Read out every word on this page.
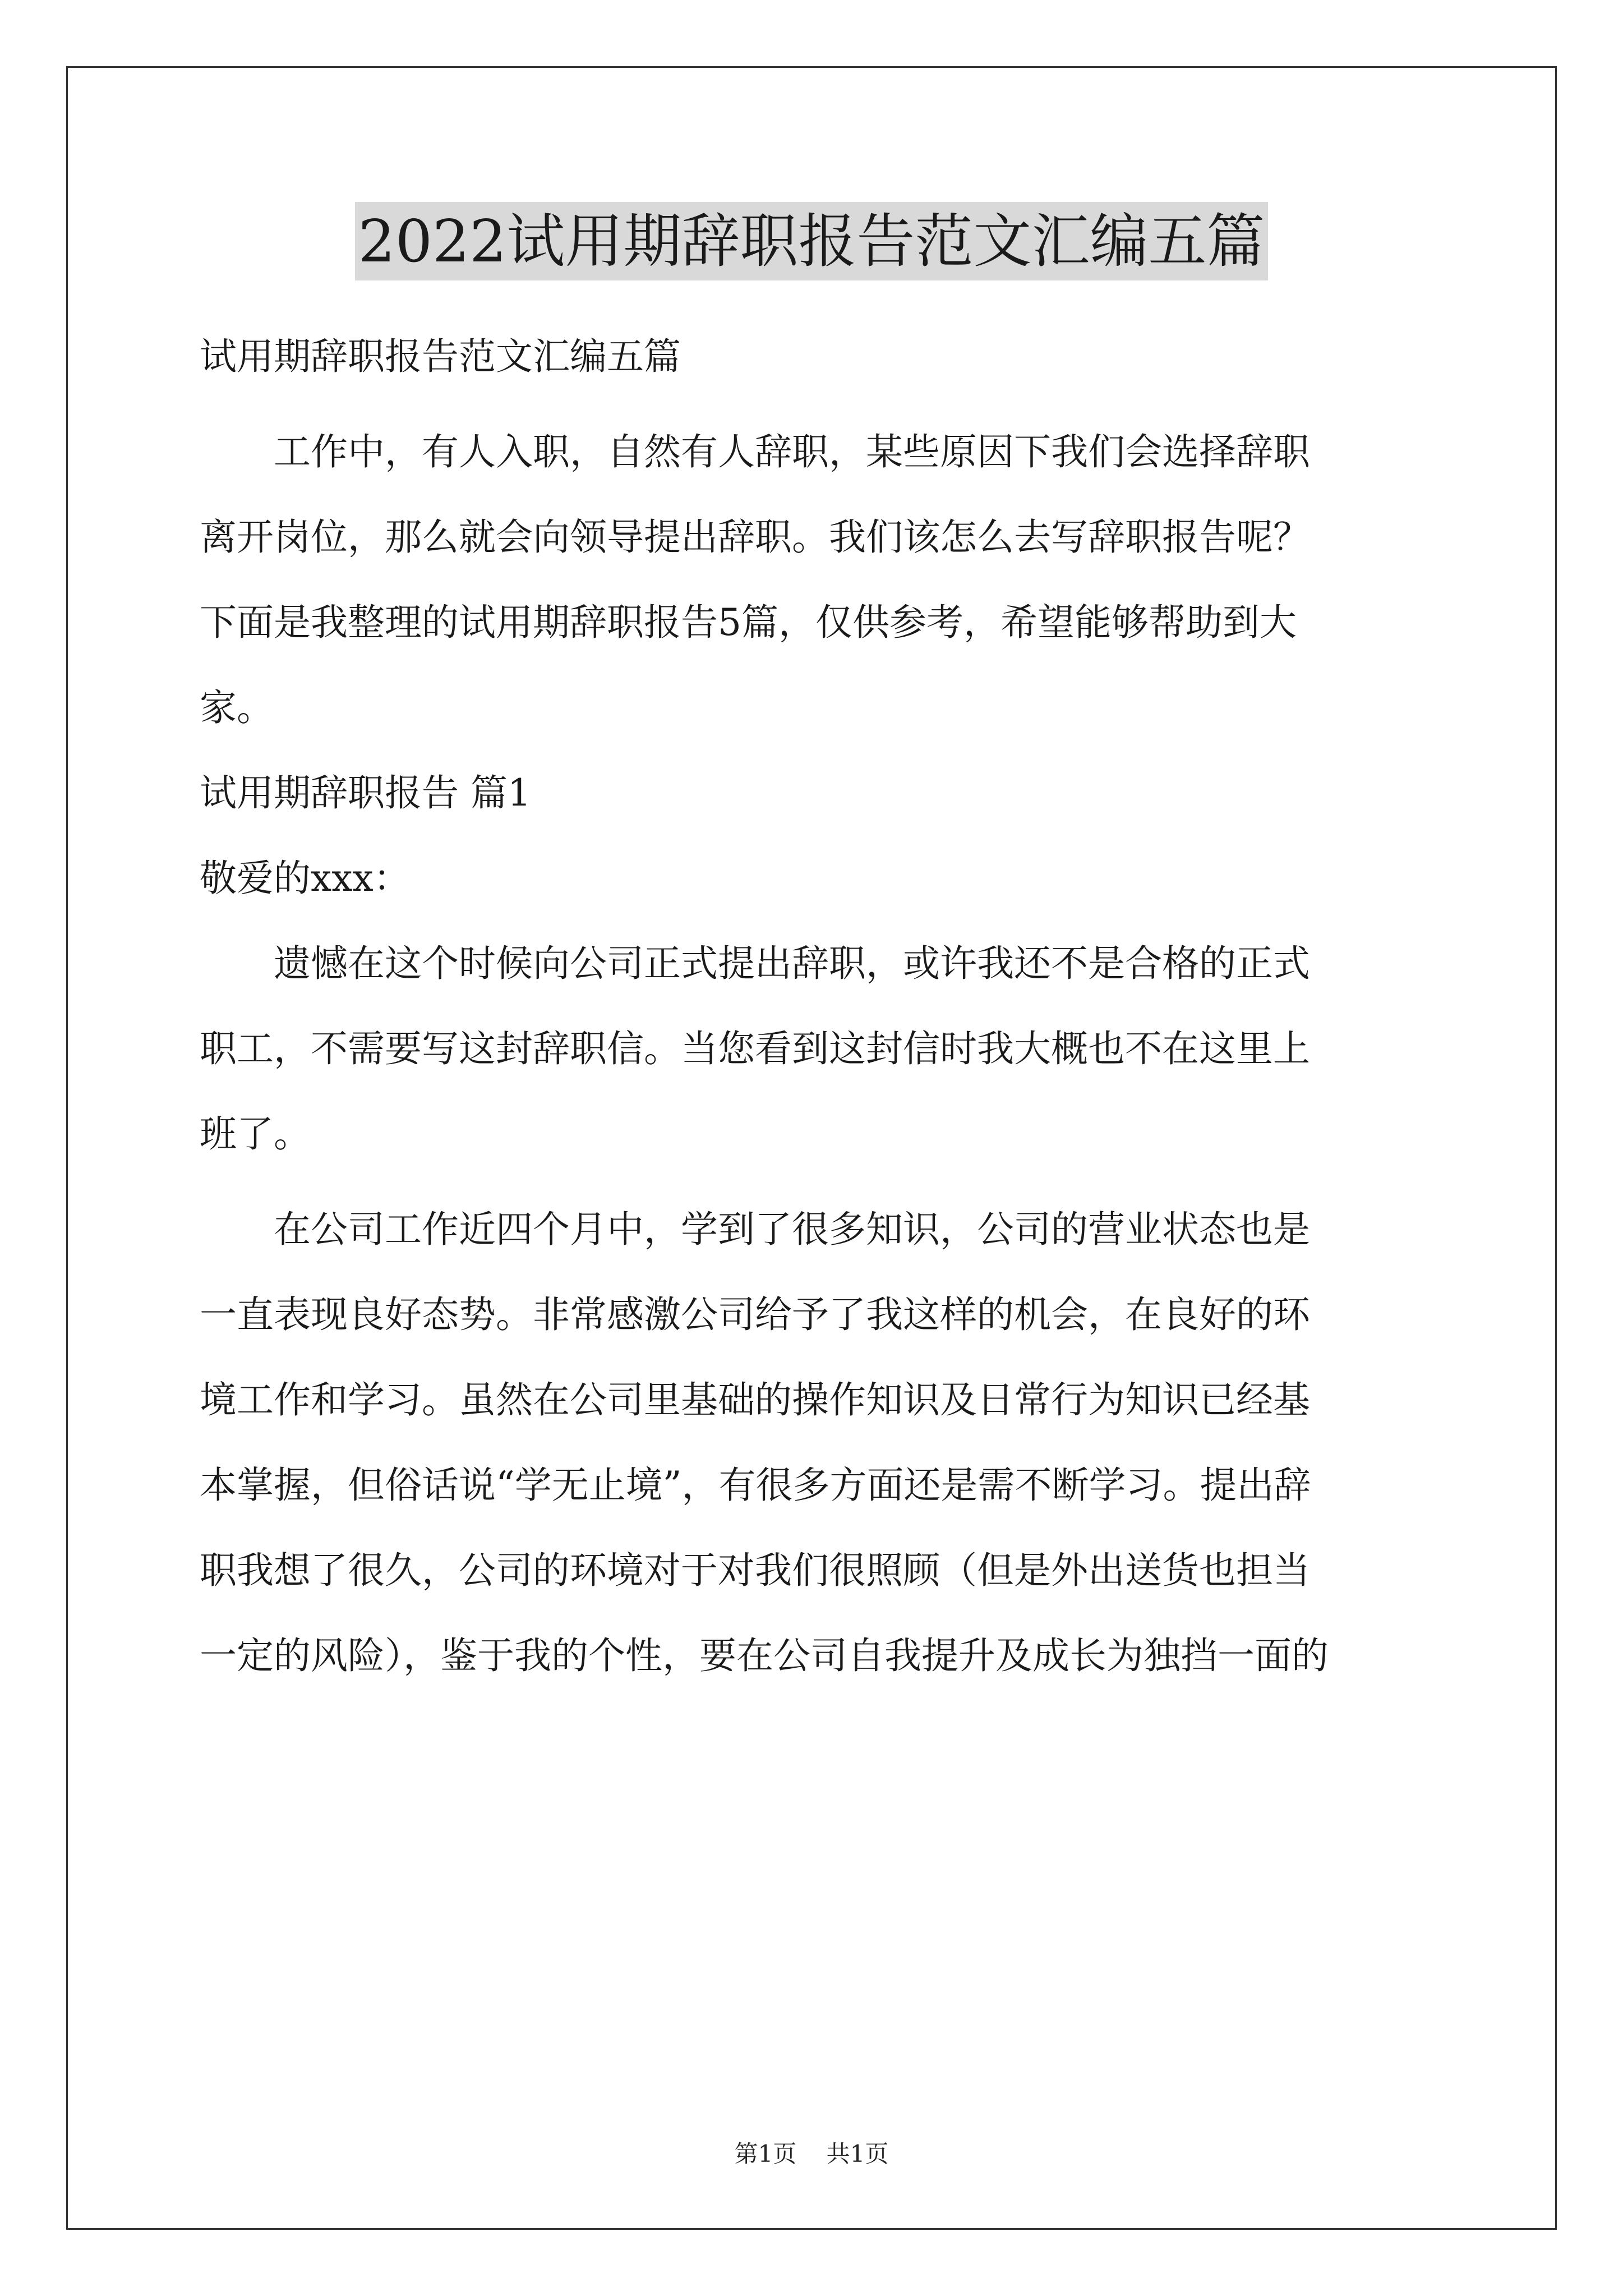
2022试用期辞职报告范文汇编五篇

试用期辞职报告范文汇编五篇

工作中，有人入职，自然有人辞职，某些原因下我们会选择辞职
离开岗位，那么就会向领导提出辞职。我们该怎么去写辞职报告呢？
下面是我整理的试用期辞职报告5篇，仅供参考，希望能够帮助到大
家。

试用期辞职报告 篇1

敬爱的xxx：

遗憾在这个时候向公司正式提出辞职，或许我还不是合格的正式
职工，不需要写这封辞职信。当您看到这封信时我大概也不在这里上
班了。

在公司工作近四个月中，学到了很多知识，公司的营业状态也是
一直表现良好态势。非常感激公司给予了我这样的机会，在良好的环
境工作和学习。虽然在公司里基础的操作知识及日常行为知识已经基
本掌握，但俗话说“学无止境”，有很多方面还是需不断学习。提出辞
职我想了很久，公司的环境对于对我们很照顾（但是外出送货也担当
一定的风险），鉴于我的个性，要在公司自我提升及成长为独挡一面的

第1页 共1页
